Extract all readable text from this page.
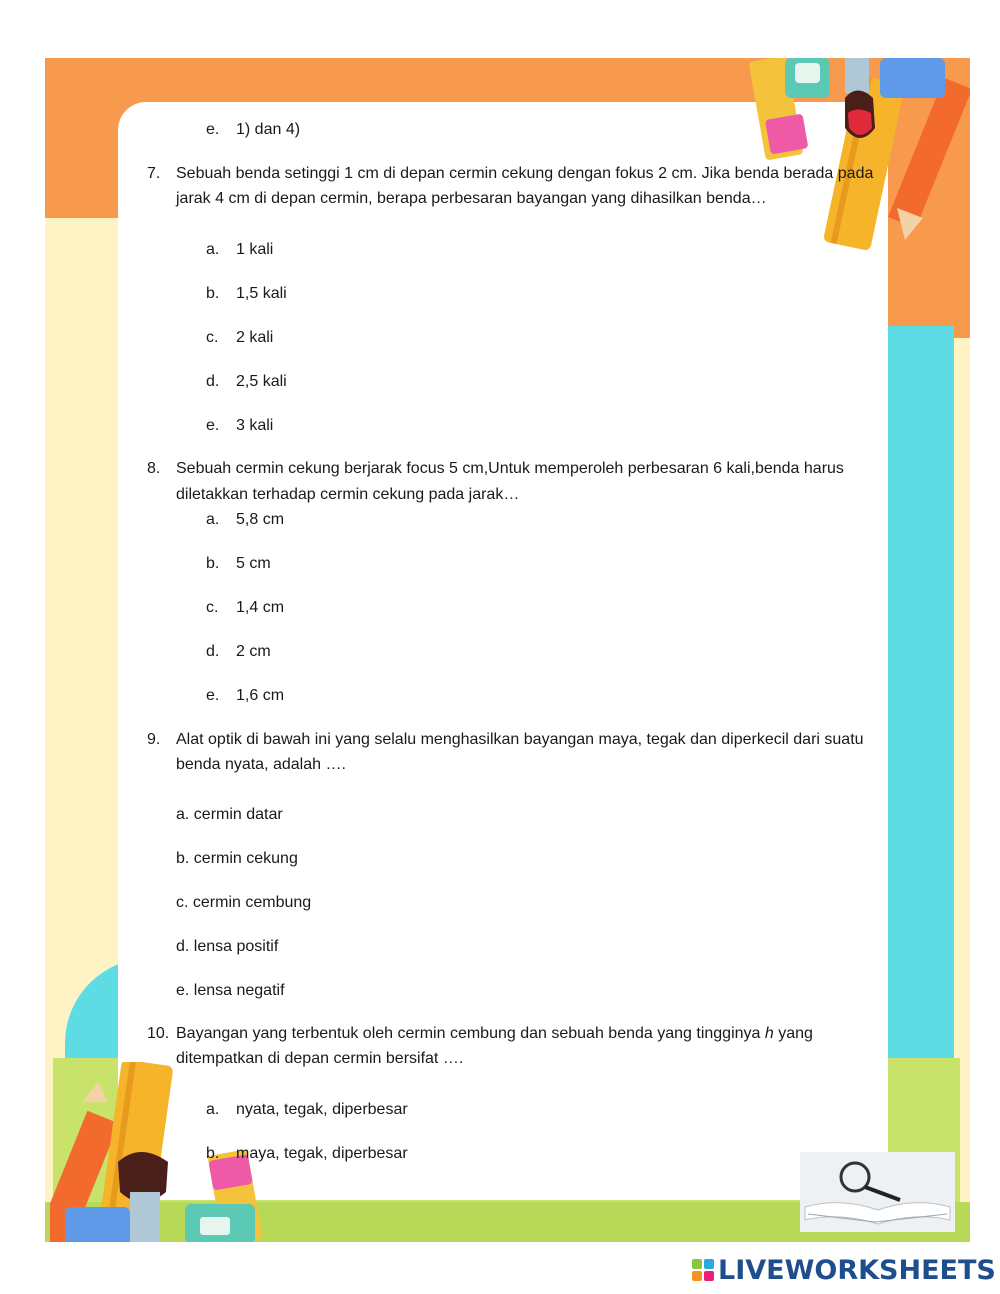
e. 1) dan 4)
7. Sebuah benda setinggi 1 cm di depan cermin cekung dengan fokus 2 cm. Jika benda berada pada
jarak 4 cm di depan cermin, berapa perbesaran bayangan yang dihasilkan benda…
a. 1 kali
b. 1,5 kali
c. 2 kali
d. 2,5 kali
e. 3 kali
8. Sebuah cermin cekung berjarak focus 5 cm,Untuk memperoleh perbesaran 6 kali,benda harus
diletakkan terhadap cermin cekung pada jarak…
a. 5,8 cm
b. 5 cm
c. 1,4 cm
d. 2 cm
e. 1,6 cm
9. Alat optik di bawah ini yang selalu menghasilkan bayangan maya, tegak dan diperkecil dari suatu
benda nyata, adalah ….
a. cermin datar
b. cermin cekung
c. cermin cembung
d. lensa positif
e. lensa negatif
10. Bayangan yang terbentuk oleh cermin cembung dan sebuah benda yang tingginya h yang
ditempatkan di depan cermin bersifat ….
a. nyata, tegak, diperbesar
b. maya, tegak, diperbesar
LIVEWORKSHEETS
